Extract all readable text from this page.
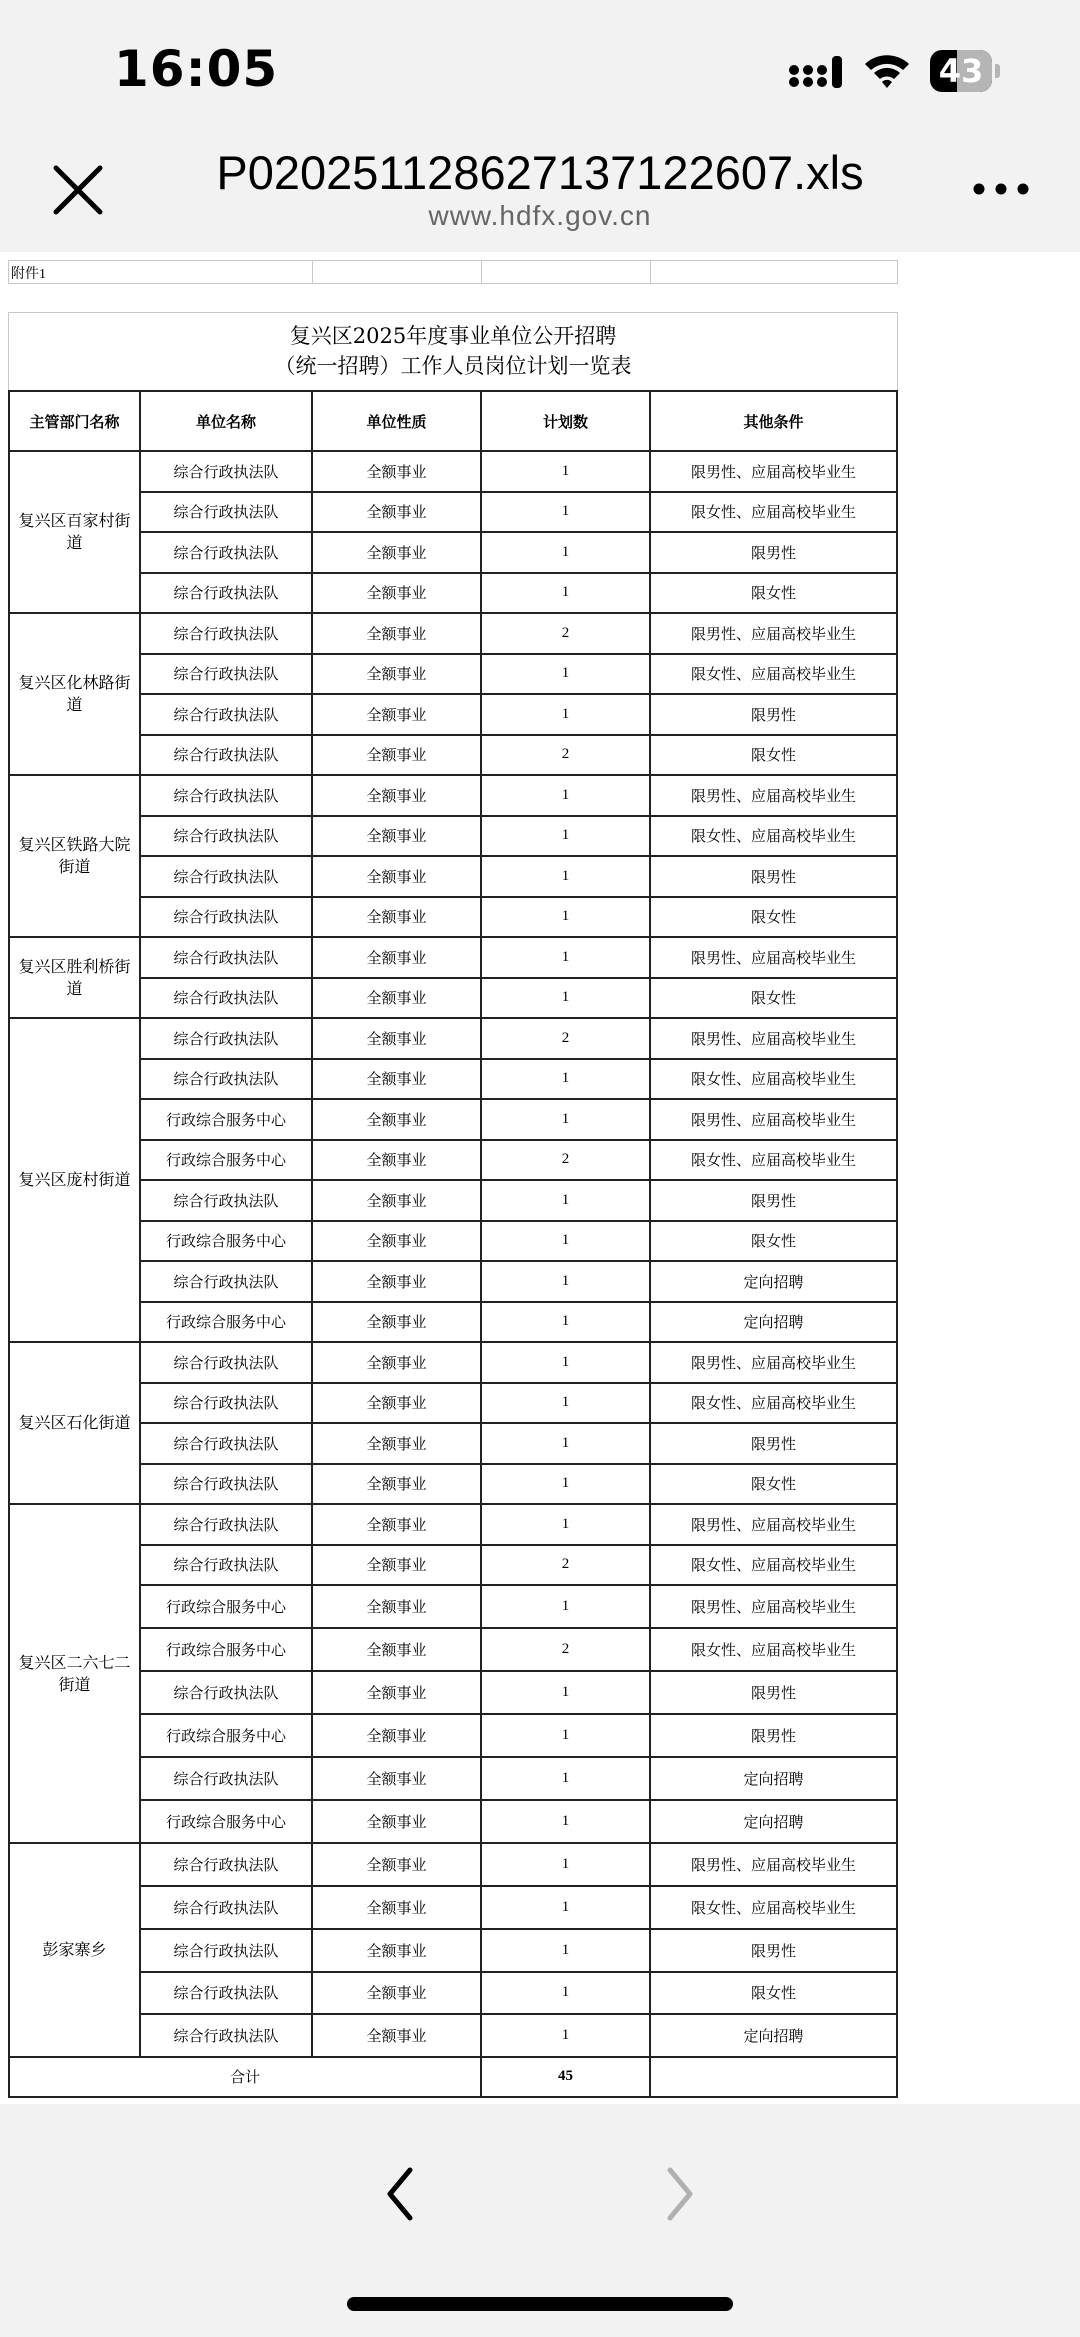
16:05	43
P020251128627137122607.xls
www.hdfx.gov.cn
附件1
复兴区2025年度事业单位公开招聘
（统一招聘）工作人员岗位计划一览表
主管部门名称	单位名称	单位性质	计划数	其他条件
复兴区百家村街道	综合行政执法队	全额事业	1	限男性、应届高校毕业生
	综合行政执法队	全额事业	1	限女性、应届高校毕业生
	综合行政执法队	全额事业	1	限男性
	综合行政执法队	全额事业	1	限女性
复兴区化林路街道	综合行政执法队	全额事业	2	限男性、应届高校毕业生
	综合行政执法队	全额事业	1	限女性、应届高校毕业生
	综合行政执法队	全额事业	1	限男性
	综合行政执法队	全额事业	2	限女性
复兴区铁路大院街道	综合行政执法队	全额事业	1	限男性、应届高校毕业生
	综合行政执法队	全额事业	1	限女性、应届高校毕业生
	综合行政执法队	全额事业	1	限男性
	综合行政执法队	全额事业	1	限女性
复兴区胜利桥街道	综合行政执法队	全额事业	1	限男性、应届高校毕业生
	综合行政执法队	全额事业	1	限女性
复兴区庞村街道	综合行政执法队	全额事业	2	限男性、应届高校毕业生
	综合行政执法队	全额事业	1	限女性、应届高校毕业生
	行政综合服务中心	全额事业	1	限男性、应届高校毕业生
	行政综合服务中心	全额事业	2	限女性、应届高校毕业生
	综合行政执法队	全额事业	1	限男性
	行政综合服务中心	全额事业	1	限女性
	综合行政执法队	全额事业	1	定向招聘
	行政综合服务中心	全额事业	1	定向招聘
复兴区石化街道	综合行政执法队	全额事业	1	限男性、应届高校毕业生
	综合行政执法队	全额事业	1	限女性、应届高校毕业生
	综合行政执法队	全额事业	1	限男性
	综合行政执法队	全额事业	1	限女性
复兴区二六七二街道	综合行政执法队	全额事业	1	限男性、应届高校毕业生
	综合行政执法队	全额事业	2	限女性、应届高校毕业生
	行政综合服务中心	全额事业	1	限男性、应届高校毕业生
	行政综合服务中心	全额事业	2	限女性、应届高校毕业生
	综合行政执法队	全额事业	1	限男性
	行政综合服务中心	全额事业	1	限男性
	综合行政执法队	全额事业	1	定向招聘
	行政综合服务中心	全额事业	1	定向招聘
彭家寨乡	综合行政执法队	全额事业	1	限男性、应届高校毕业生
	综合行政执法队	全额事业	1	限女性、应届高校毕业生
	综合行政执法队	全额事业	1	限男性
	综合行政执法队	全额事业	1	限女性
	综合行政执法队	全额事业	1	定向招聘
合计			45	
